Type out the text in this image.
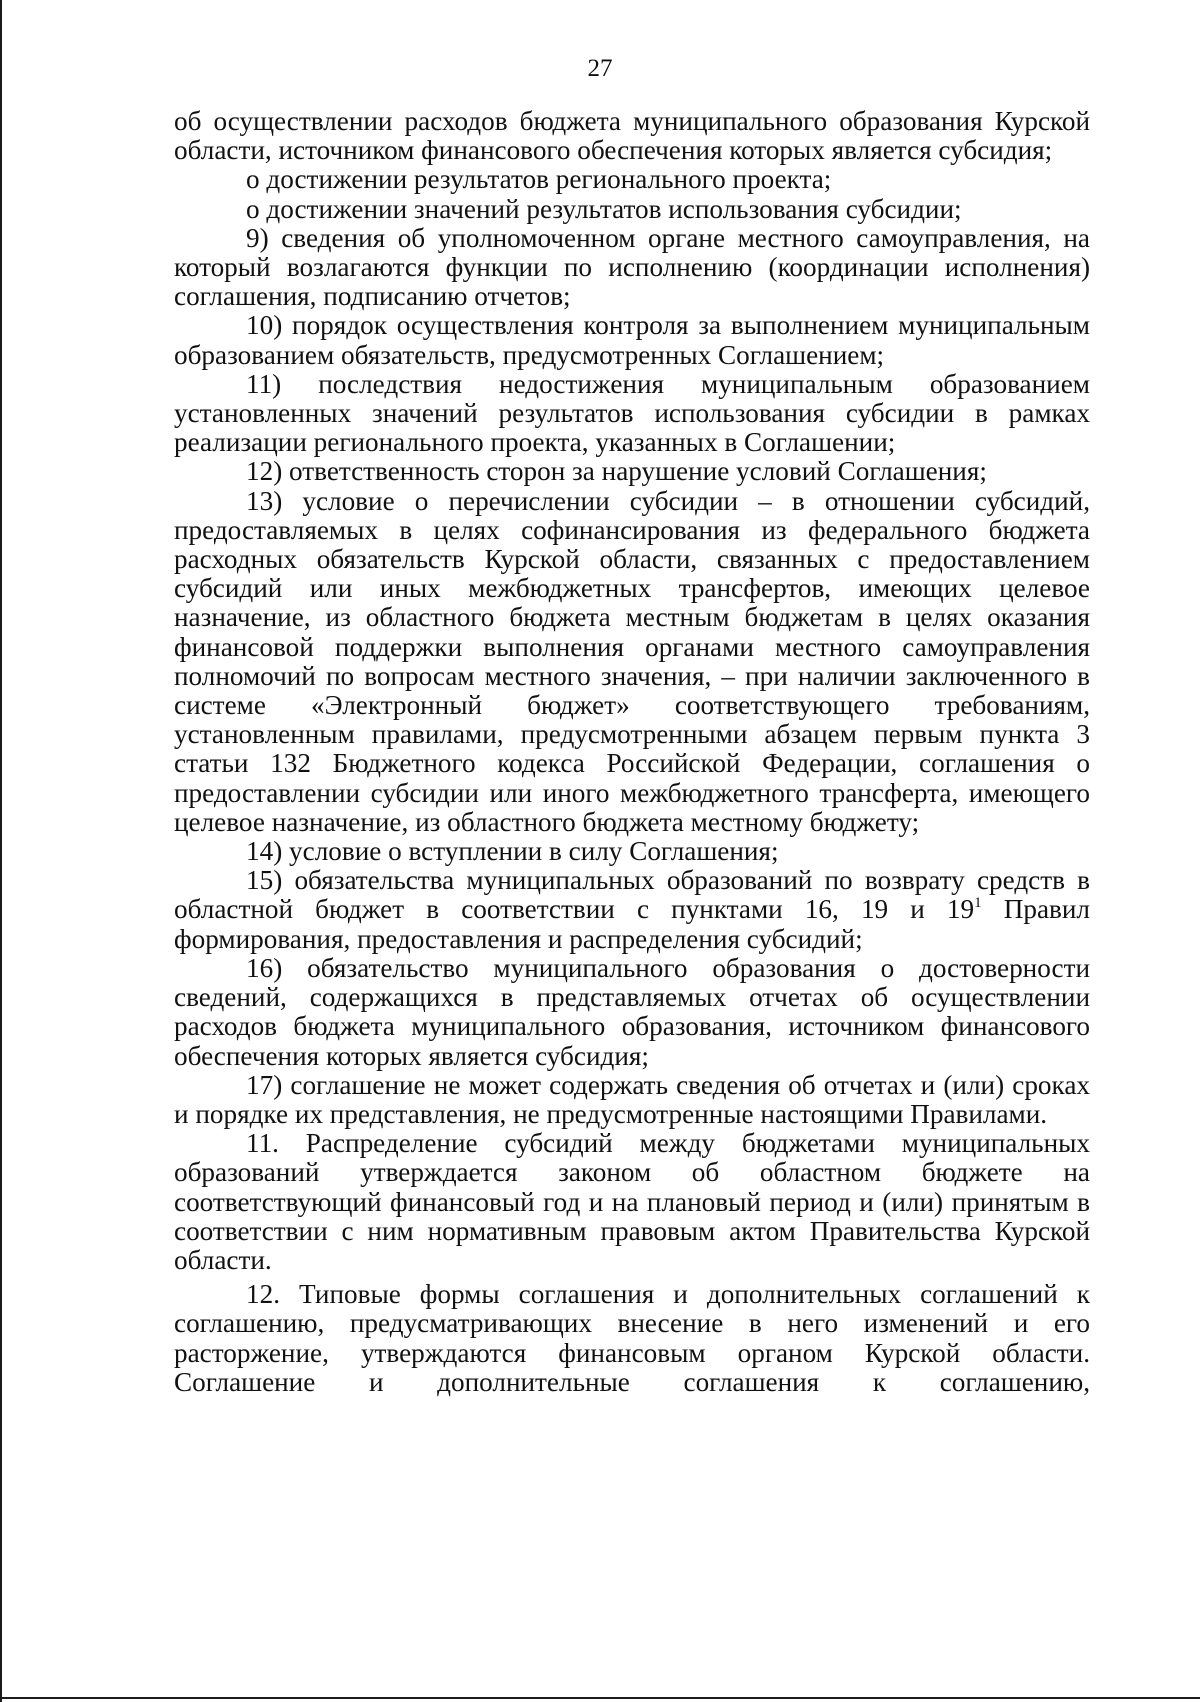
27

об осуществлении расходов бюджета муниципального образования Курской области, источником финансового обеспечения которых является субсидия;

о достижении результатов регионального проекта;

о достижении значений результатов использования субсидии;

9) сведения об уполномоченном органе местного самоуправления, на который возлагаются функции по исполнению (координации исполнения) соглашения, подписанию отчетов;

10) порядок осуществления контроля за выполнением муниципальным образованием обязательств, предусмотренных Соглашением;

11) последствия недостижения муниципальным образованием установленных значений результатов использования субсидии в рамках реализации регионального проекта, указанных в Соглашении;

12) ответственность сторон за нарушение условий Соглашения;

13) условие о перечислении субсидии – в отношении субсидий, предоставляемых в целях софинансирования из федерального бюджета расходных обязательств Курской области, связанных с предоставлением субсидий или иных межбюджетных трансфертов, имеющих целевое назначение, из областного бюджета местным бюджетам в целях оказания финансовой поддержки выполнения органами местного самоуправления полномочий по вопросам местного значения, – при наличии заключенного в системе «Электронный бюджет» соответствующего требованиям, установленным правилами, предусмотренными абзацем первым пункта 3 статьи 132 Бюджетного кодекса Российской Федерации, соглашения о предоставлении субсидии или иного межбюджетного трансферта, имеющего целевое назначение, из областного бюджета местному бюджету;

14) условие о вступлении в силу Соглашения;

15) обязательства муниципальных образований по возврату средств в областной бюджет в соответствии с пунктами 16, 19 и $19^1$ Правил формирования, предоставления и распределения субсидий;

16) обязательство муниципального образования о достоверности сведений, содержащихся в представляемых отчетах об осуществлении расходов бюджета муниципального образования, источником финансового обеспечения которых является субсидия;

17) соглашение не может содержать сведения об отчетах и (или) сроках и порядке их представления, не предусмотренные настоящими Правилами.

11. Распределение субсидий между бюджетами муниципальных образований утверждается законом об областном бюджете на соответствующий финансовый год и на плановый период и (или) принятым в соответствии с ним нормативным правовым актом Правительства Курской области.

12. Типовые формы соглашения и дополнительных соглашений к соглашению, предусматривающих внесение в него изменений и его расторжение, утверждаются финансовым органом Курской области. Соглашение и дополнительные соглашения к соглашению,
